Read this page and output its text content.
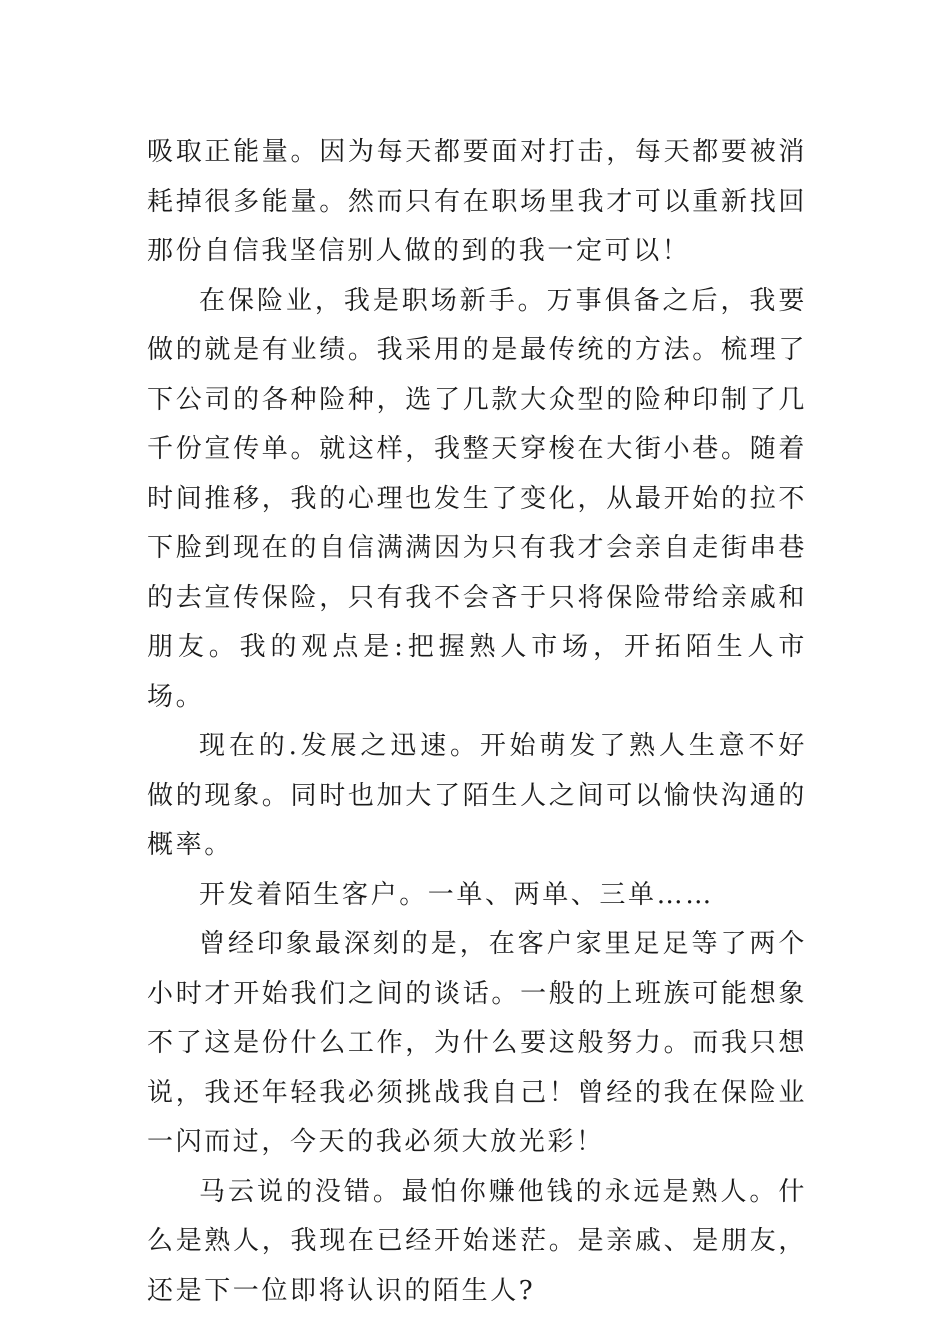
吸取正能量。因为每天都要面对打击，每天都要被消耗掉很多能量。然而只有在职场里我才可以重新找回那份自信我坚信别人做的到的我一定可以！

在保险业，我是职场新手。万事俱备之后，我要做的就是有业绩。我采用的是最传统的方法。梳理了下公司的各种险种，选了几款大众型的险种印制了几千份宣传单。就这样，我整天穿梭在大街小巷。随着时间推移，我的心理也发生了变化，从最开始的拉不下脸到现在的自信满满因为只有我才会亲自走街串巷的去宣传保险，只有我不会吝于只将保险带给亲戚和朋友。我的观点是:把握熟人市场，开拓陌生人市场。

现在的.发展之迅速。开始萌发了熟人生意不好做的现象。同时也加大了陌生人之间可以愉快沟通的概率。

开发着陌生客户。一单、两单、三单……

曾经印象最深刻的是，在客户家里足足等了两个小时才开始我们之间的谈话。一般的上班族可能想象不了这是份什么工作，为什么要这般努力。而我只想说，我还年轻我必须挑战我自己！曾经的我在保险业一闪而过，今天的我必须大放光彩！

马云说的没错。最怕你赚他钱的永远是熟人。什么是熟人，我现在已经开始迷茫。是亲戚、是朋友，还是下一位即将认识的陌生人?
